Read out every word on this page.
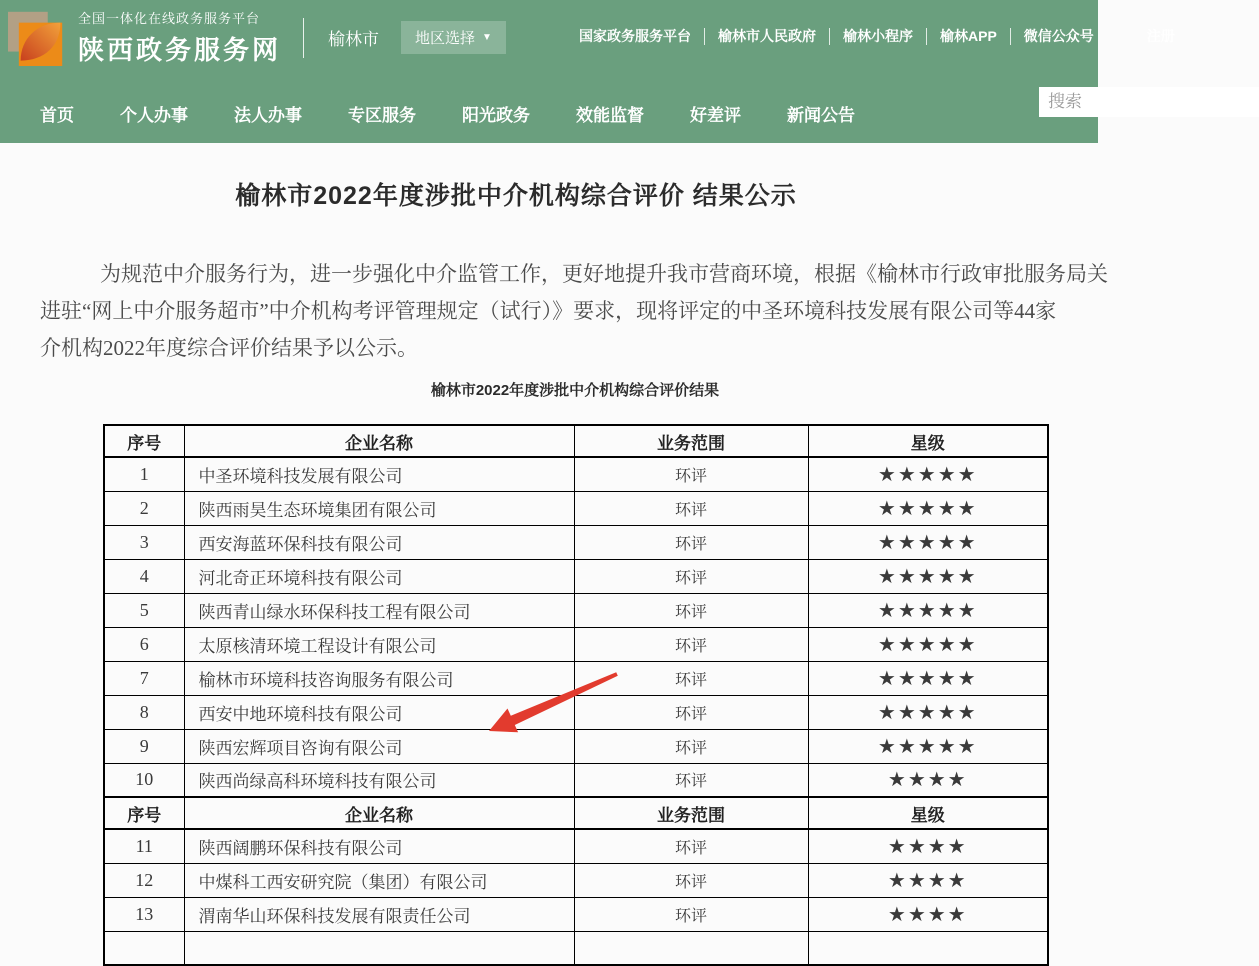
全国一体化在线政务服务平台
陕西政务服务网	榆林市 地区选择 ▼	国家政务服务平台 榆林市人民政府 榆林小程序 榆林APP 微信公众号	注册
首页	个人办事	法人办事	专区服务	阳光政务	效能监督	好差评	新闻公告
搜索
榆林市2022年度涉批中介机构综合评价 结果公示
为规范中介服务行为，进一步强化中介监管工作，更好地提升我市营商环境，根据《榆林市行政审批服务局关
进驻“网上中介服务超市”中介机构考评管理规定（试行）》要求，现将评定的中圣环境科技发展有限公司等44家
介机构2022年度综合评价结果予以公示。
榆林市2022年度涉批中介机构综合评价结果
序号	企业名称	业务范围	星级
1	中圣环境科技发展有限公司	环评	★★★★★
2	陕西雨昊生态环境集团有限公司	环评	★★★★★
3	西安海蓝环保科技有限公司	环评	★★★★★
4	河北奇正环境科技有限公司	环评	★★★★★
5	陕西青山绿水环保科技工程有限公司	环评	★★★★★
6	太原核清环境工程设计有限公司	环评	★★★★★
7	榆林市环境科技咨询服务有限公司	环评	★★★★★
8	西安中地环境科技有限公司	环评	★★★★★
9	陕西宏辉项目咨询有限公司	环评	★★★★★
10	陕西尚绿高科环境科技有限公司	环评	★★★★
序号	企业名称	业务范围	星级
11	陕西阔鹏环保科技有限公司	环评	★★★★
12	中煤科工西安研究院（集团）有限公司	环评	★★★★
13	渭南华山环保科技发展有限责任公司	环评	★★★★
